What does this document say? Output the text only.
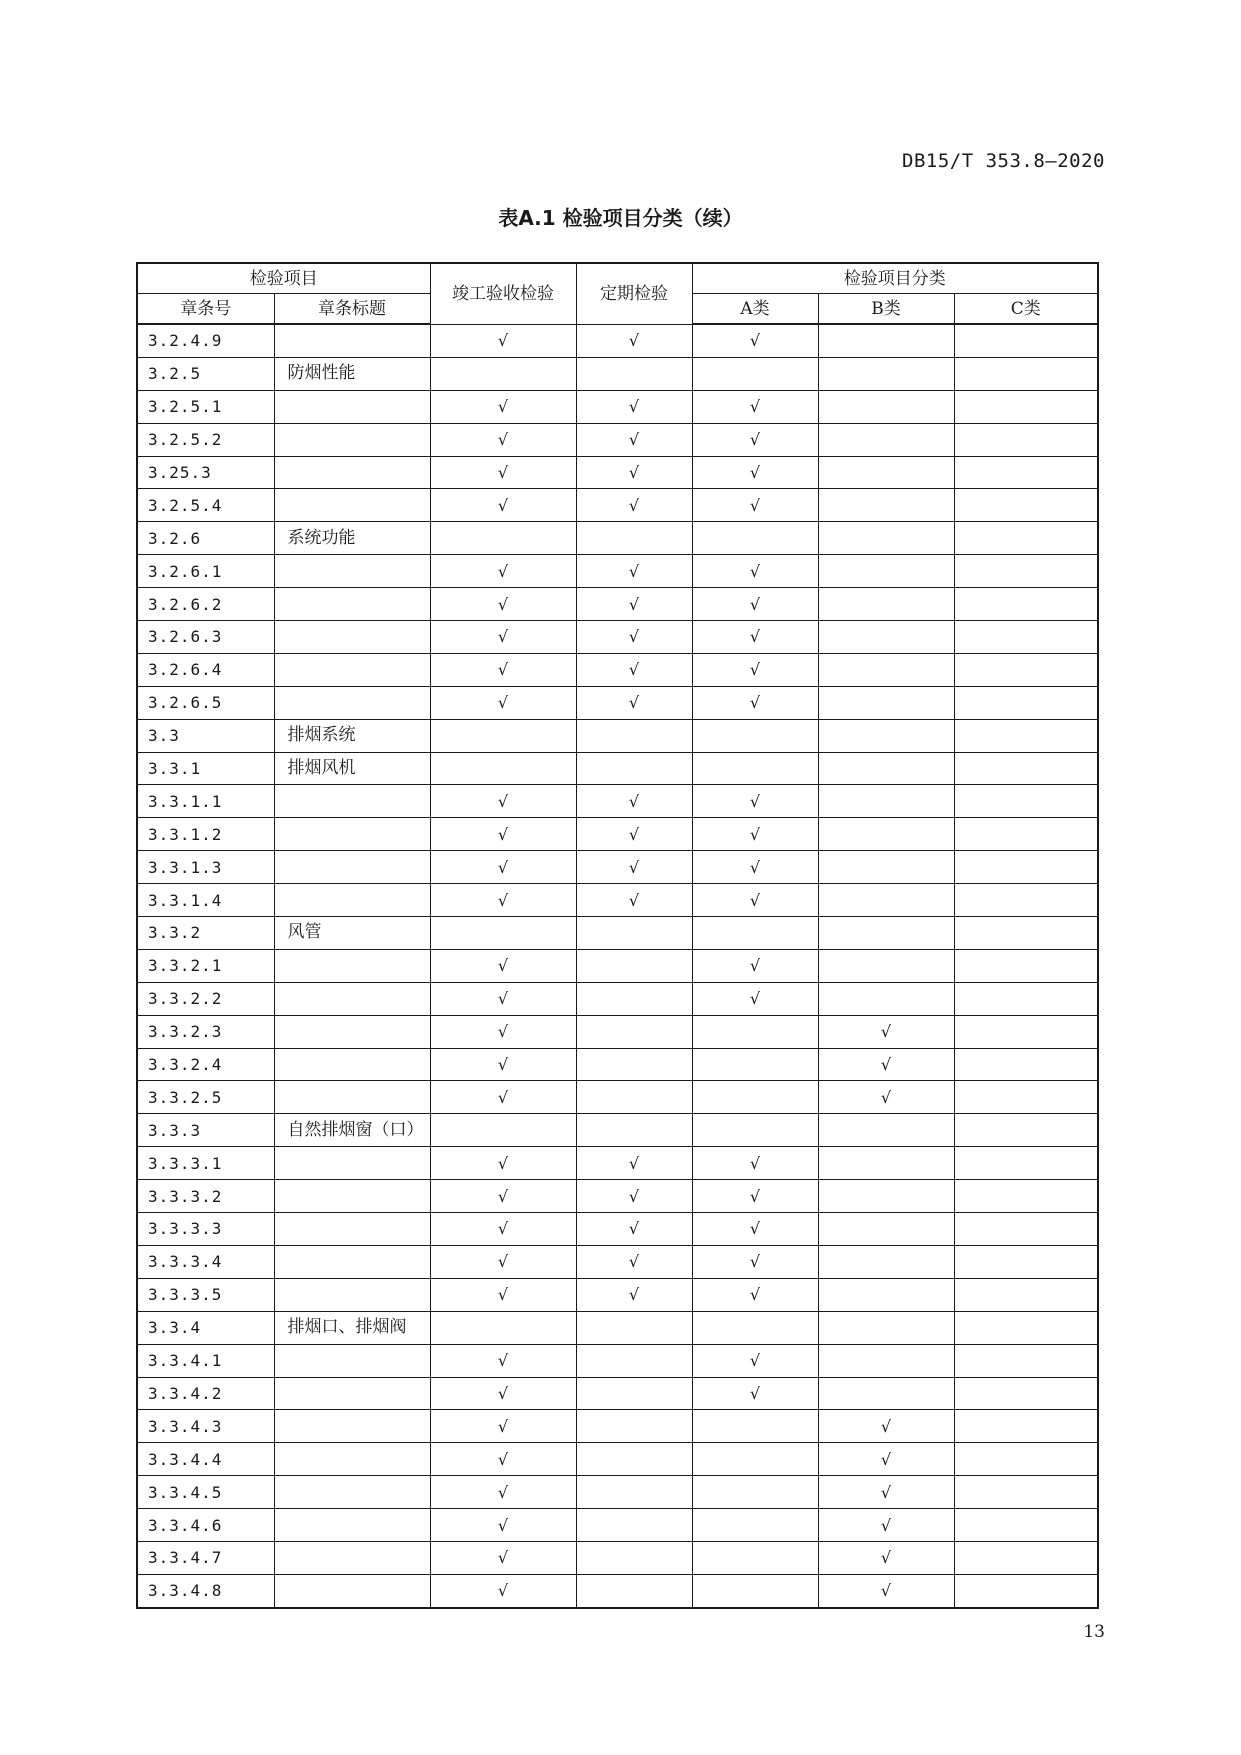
DB15/T 353.8—2020
表A.1 检验项目分类（续）
检验项目		竣工验收检验	定期检验	检验项目分类		
章条号	章条标题			A类	B类	C类
3.2.4.9		√	√	√		
3.2.5	防烟性能					
3.2.5.1		√	√	√		
3.2.5.2		√	√	√		
3.25.3		√	√	√		
3.2.5.4		√	√	√		
3.2.6	系统功能					
3.2.6.1		√	√	√		
3.2.6.2		√	√	√		
3.2.6.3		√	√	√		
3.2.6.4		√	√	√		
3.2.6.5		√	√	√		
3.3	排烟系统					
3.3.1	排烟风机					
3.3.1.1		√	√	√		
3.3.1.2		√	√	√		
3.3.1.3		√	√	√		
3.3.1.4		√	√	√		
3.3.2	风管					
3.3.2.1		√		√		
3.3.2.2		√		√		
3.3.2.3		√			√	
3.3.2.4		√			√	
3.3.2.5		√			√	
3.3.3	自然排烟窗（口）					
3.3.3.1		√	√	√		
3.3.3.2		√	√	√		
3.3.3.3		√	√	√		
3.3.3.4		√	√	√		
3.3.3.5		√	√	√		
3.3.4	排烟口、排烟阀					
3.3.4.1		√		√		
3.3.4.2		√		√		
3.3.4.3		√			√	
3.3.4.4		√			√	
3.3.4.5		√			√	
3.3.4.6		√			√	
3.3.4.7		√			√	
3.3.4.8		√			√	
13
